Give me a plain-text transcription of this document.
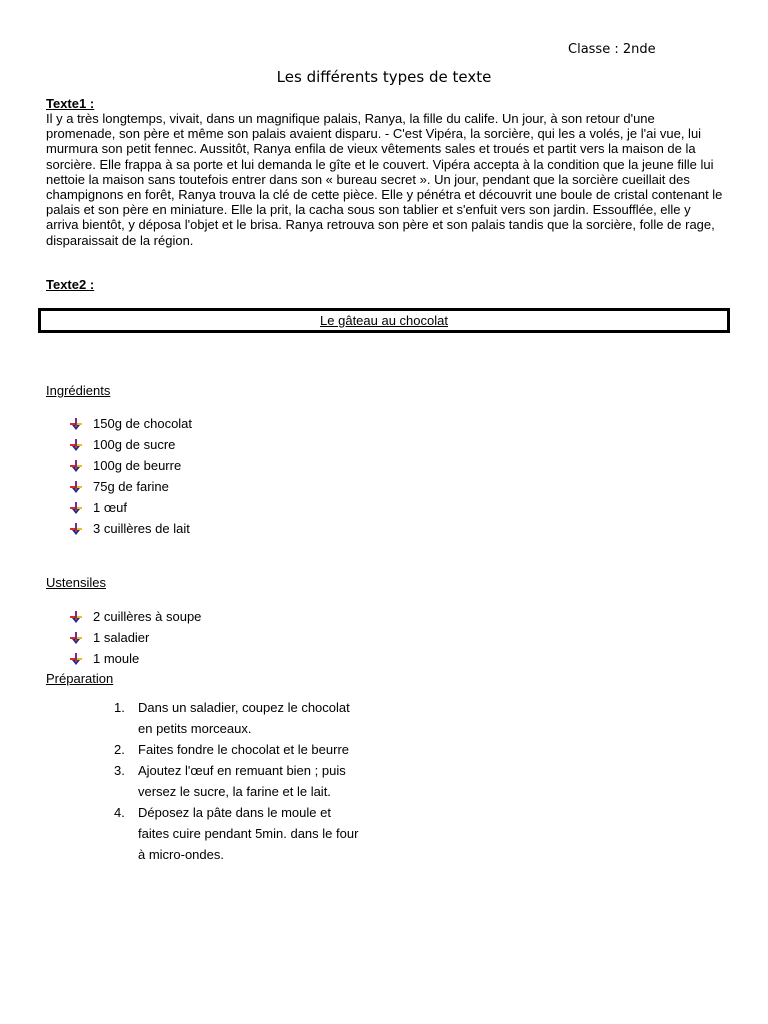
Classe : 2nde
Les différents types de texte
Texte1 :
Il y a très longtemps, vivait, dans un magnifique palais, Ranya, la fille du calife. Un jour, à son retour d'une promenade, son père et même son palais avaient disparu. - C'est Vipéra, la sorcière, qui les a volés, je l'ai vue, lui murmura son petit fennec. Aussitôt, Ranya enfila de vieux vêtements sales et troués et partit vers la maison de la sorcière. Elle frappa à sa porte et lui demanda le gîte et le couvert. Vipéra accepta à la condition que la jeune fille lui nettoie la maison sans toutefois entrer dans son « bureau secret ». Un jour, pendant que la sorcière cueillait des champignons en forêt, Ranya trouva la clé de cette pièce. Elle y pénétra et découvrit une boule de cristal contenant le palais et son père en miniature. Elle la prit, la cacha sous son tablier et s'enfuit vers son jardin. Essoufflée, elle y arriva bientôt, y déposa l'objet et le brisa. Ranya retrouva son père et son palais tandis que la sorcière, folle de rage, disparaissait de la région.
Texte2 :
Le gâteau au chocolat
Ingrédients
150g de chocolat
100g de sucre
100g de beurre
75g de farine
1 œuf
3 cuillères de lait
Ustensiles
2 cuillères à soupe
1 saladier
1 moule
Préparation
1.	Dans un saladier, coupez le chocolat en petits morceaux.
2.	Faites fondre le chocolat et le beurre
3.	Ajoutez l'œuf en remuant bien ; puis versez le sucre, la farine et le lait.
4.	Déposez la pâte dans le moule et faites cuire pendant 5min. dans le four à micro-ondes.
